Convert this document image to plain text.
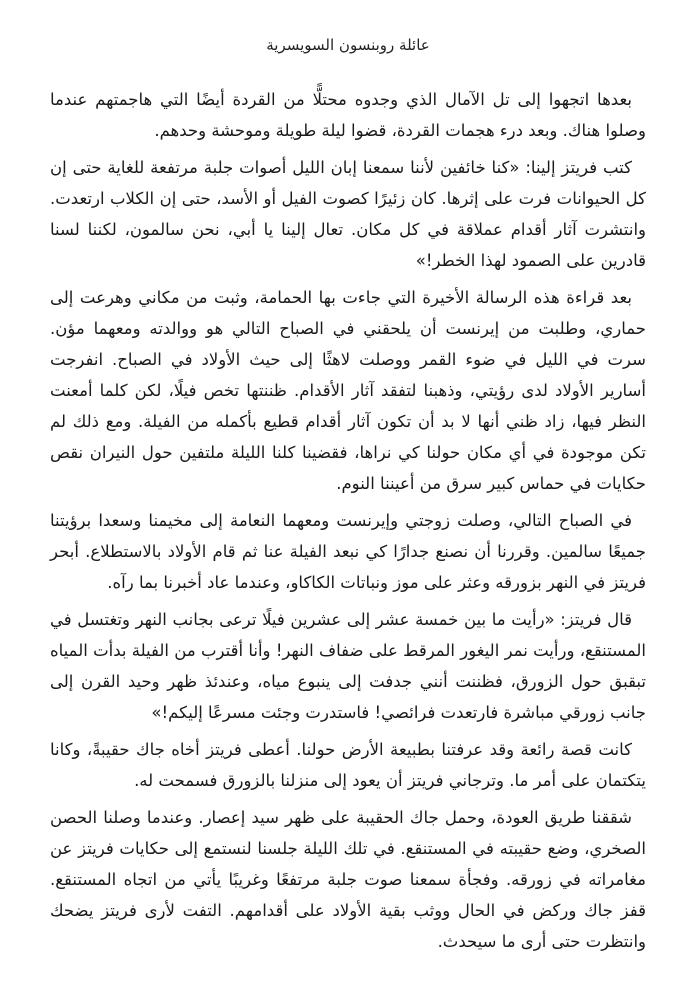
عائلة روبنسون السويسرية

بعدها اتجهوا إلى تل الآمال الذي وجدوه محتلًّا من القردة أيضًا التي هاجمتهم عندما وصلوا هناك. وبعد درء هجمات القردة، قضوا ليلة طويلة وموحشة وحدهم.

كتب فريتز إلينا: «كنا خائفين لأننا سمعنا إبان الليل أصوات جلبة مرتفعة للغاية حتى إن كل الحيوانات فرت على إثرها. كان زئيرًا كصوت الفيل أو الأسد، حتى إن الكلاب ارتعدت. وانتشرت آثار أقدام عملاقة في كل مكان. تعال إلينا يا أبي، نحن سالمون، لكننا لسنا قادرين على الصمود لهذا الخطر!»

بعد قراءة هذه الرسالة الأخيرة التي جاءت بها الحمامة، وثبت من مكاني وهرعت إلى حماري، وطلبت من إيرنست أن يلحقني في الصباح التالي هو ووالدته ومعهما مؤن. سرت في الليل في ضوء القمر ووصلت لاهثًا إلى حيث الأولاد في الصباح. انفرجت أسارير الأولاد لدى رؤيتي، وذهبنا لتفقد آثار الأقدام. ظننتها تخص فيلًا، لكن كلما أمعنت النظر فيها، زاد ظني أنها لا بد أن تكون آثار أقدام قطيع بأكمله من الفيلة. ومع ذلك لم تكن موجودة في أي مكان حولنا كي نراها، فقضينا كلنا الليلة ملتفين حول النيران نقص حكايات في حماس كبير سرق من أعيننا النوم.

في الصباح التالي، وصلت زوجتي وإيرنست ومعهما النعامة إلى مخيمنا وسعدا برؤيتنا جميعًا سالمين. وقررنا أن نصنع جدارًا كي نبعد الفيلة عنا ثم قام الأولاد بالاستطلاع. أبحر فريتز في النهر بزورقه وعثر على موز ونباتات الكاكاو، وعندما عاد أخبرنا بما رآه.

قال فريتز: «رأيت ما بين خمسة عشر إلى عشرين فيلًا ترعى بجانب النهر وتغتسل في المستنقع، ورأيت نمر اليغور المرقط على ضفاف النهر! وأنا أقترب من الفيلة بدأت المياه تبقبق حول الزورق، فظننت أنني جدفت إلى ينبوع مياه، وعندئذ ظهر وحيد القرن إلى جانب زورقي مباشرة فارتعدت فرائصي! فاستدرت وجئت مسرعًا إليكم!»

كانت قصة رائعة وقد عرفتنا بطبيعة الأرض حولنا. أعطى فريتز أخاه جاك حقيبةً، وكانا يتكتمان على أمر ما. وترجاني فريتز أن يعود إلى منزلنا بالزورق فسمحت له.

شققنا طريق العودة، وحمل جاك الحقيبة على ظهر سيد إعصار. وعندما وصلنا الحصن الصخري، وضع حقيبته في المستنقع. في تلك الليلة جلسنا لنستمع إلى حكايات فريتز عن مغامراته في زورقه. وفجأة سمعنا صوت جلبة مرتفعًا وغريبًا يأتي من اتجاه المستنقع. قفز جاك وركض في الحال ووثب بقية الأولاد على أقدامهم. التفت لأرى فريتز يضحك وانتظرت حتى أرى ما سيحدث.
